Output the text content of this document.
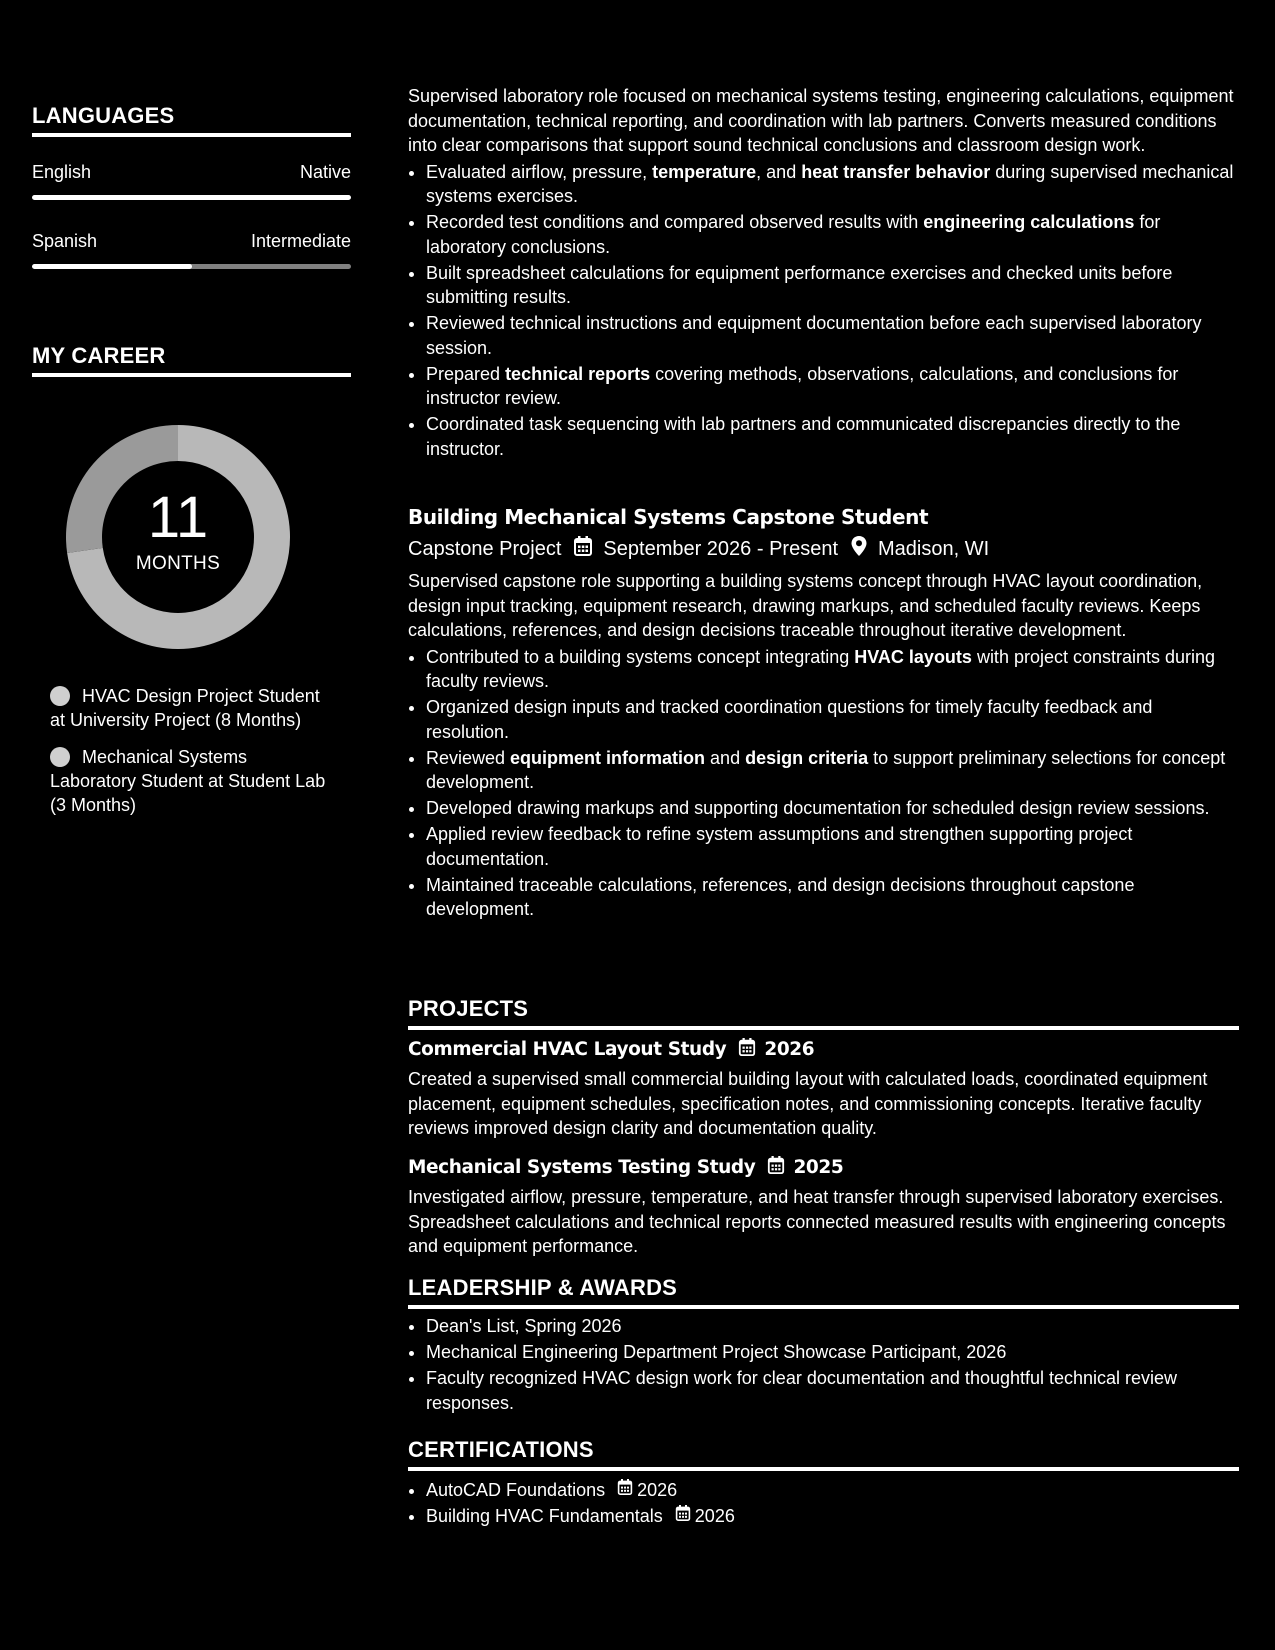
LANGUAGES
English	Native
Spanish	Intermediate
MY CAREER
11
MONTHS
HVAC Design Project Student at University Project (8 Months)
Mechanical Systems Laboratory Student at Student Lab (3 Months)
Supervised laboratory role focused on mechanical systems testing, engineering calculations, equipment documentation, technical reporting, and coordination with lab partners. Converts measured conditions into clear comparisons that support sound technical conclusions and classroom design work.
• Evaluated airflow, pressure, temperature, and heat transfer behavior during supervised mechanical systems exercises.
• Recorded test conditions and compared observed results with engineering calculations for laboratory conclusions.
• Built spreadsheet calculations for equipment performance exercises and checked units before submitting results.
• Reviewed technical instructions and equipment documentation before each supervised laboratory session.
• Prepared technical reports covering methods, observations, calculations, and conclusions for instructor review.
• Coordinated task sequencing with lab partners and communicated discrepancies directly to the instructor.
Building Mechanical Systems Capstone Student
Capstone Project September 2026 - Present Madison, WI
Supervised capstone role supporting a building systems concept through HVAC layout coordination, design input tracking, equipment research, drawing markups, and scheduled faculty reviews. Keeps calculations, references, and design decisions traceable throughout iterative development.
• Contributed to a building systems concept integrating HVAC layouts with project constraints during faculty reviews.
• Organized design inputs and tracked coordination questions for timely faculty feedback and resolution.
• Reviewed equipment information and design criteria to support preliminary selections for concept development.
• Developed drawing markups and supporting documentation for scheduled design review sessions.
• Applied review feedback to refine system assumptions and strengthen supporting project documentation.
• Maintained traceable calculations, references, and design decisions throughout capstone development.
PROJECTS
Commercial HVAC Layout Study 2026
Created a supervised small commercial building layout with calculated loads, coordinated equipment placement, equipment schedules, specification notes, and commissioning concepts. Iterative faculty reviews improved design clarity and documentation quality.
Mechanical Systems Testing Study 2025
Investigated airflow, pressure, temperature, and heat transfer through supervised laboratory exercises. Spreadsheet calculations and technical reports connected measured results with engineering concepts and equipment performance.
LEADERSHIP & AWARDS
• Dean's List, Spring 2026
• Mechanical Engineering Department Project Showcase Participant, 2026
• Faculty recognized HVAC design work for clear documentation and thoughtful technical review responses.
CERTIFICATIONS
• AutoCAD Foundations 2026
• Building HVAC Fundamentals 2026
